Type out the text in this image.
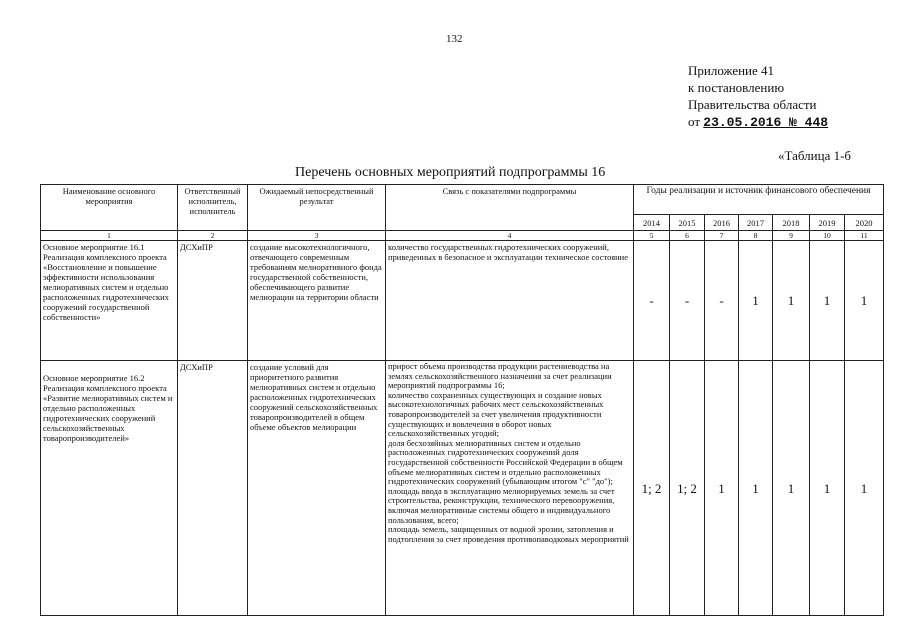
132
Приложение 41
к постановлению
Правительства области
от 23.05.2016 № 448
«Таблица 1-б
Перечень основных мероприятий подпрограммы 16
Наименование основного мероприятия	Ответственный исполнитель, исполнитель	Ожидаемый непосредственный результат	Связь с показателями подпрограммы	Годы реализации и источник финансового обеспечения						
				2014	2015	2016	2017	2018	2019	2020
1	2	3	4	5	6	7	8	9	10	11
Основное мероприятие 16.1 Реализация комплексного проекта «Восстановление и повышение эффективности использования мелиоративных систем и отдельно расположенных гидротехнических сооружений государственной собственности»	ДСХиПР	создание высокотехнологичного, отвечающего современным требованиям мелиоративного фонда государственной собственности, обеспечивающего развитие мелиорации на территории области	количество государственных гидротехнических сооружений, приведенных в безопасное и эксплуатации техническое состояние	-	-	-	1	1	1	1
Основное мероприятие 16.2 Реализация комплексного проекта «Развитие мелиоративных систем и отдельно расположенных гидротехнических сооружений сельскохозяйственных товаропроизводителей»	ДСХиПР	создание условий для приоритетного развития мелиоративных систем и отдельно расположенных гидротехнических сооружений сельскохозяйственных товаропроизводителей в общем объеме объектов мелиорации	прирост объема производства продукции растениеводства на землях сельскохозяйственного назначения за счет реализации мероприятий подпрограммы 16;
количество сохраненных существующих и создание новых высокотехнологичных рабочих мест сельскохозяйственных товаропроизводителей за счет увеличения продуктивности существующих и вовлечения в оборот новых сельскохозяйственных угодий;
доля бесхозяйных мелиоративных систем и отдельно расположенных гидротехнических сооружений доля государственной собственности Российской Федерации в общем объеме мелиоративных систем и отдельно расположенных гидротехнических сооружений (убывающим итогом "с" "до");
площадь ввода в эксплуатацию мелиорируемых земель за счет строительства, реконструкции, технического перевооружения, включая мелиоративные системы общего и индивидуального пользования, всего;
площадь земель, защищенных от водной эрозии, затопления и подтопления за счет проведения противопаводковых мероприятий	1; 2	1; 2	1	1	1	1	1
